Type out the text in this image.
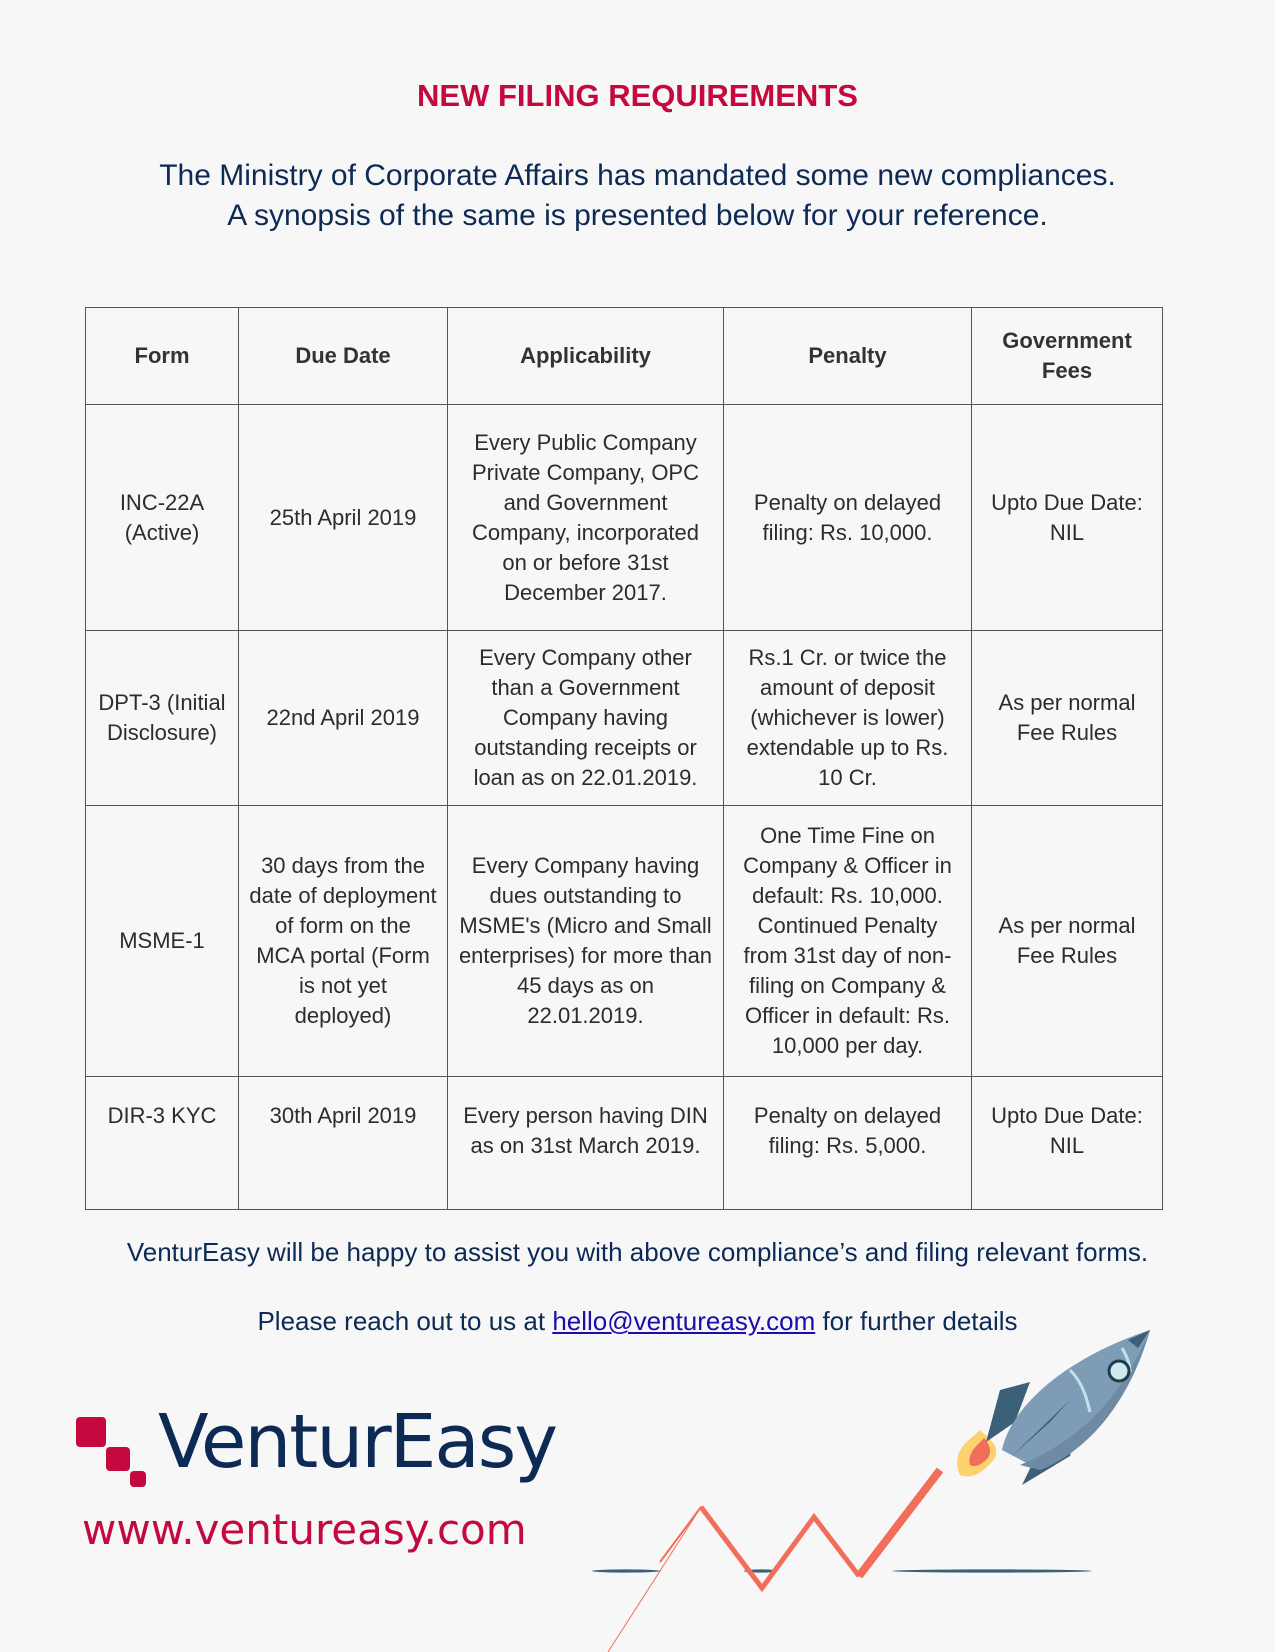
NEW FILING REQUIREMENTS
The Ministry of Corporate Affairs has mandated some new compliances.
A synopsis of the same is presented below for your reference.
Form	Due Date	Applicability	Penalty	Government Fees
INC-22A (Active)	25th April 2019	Every Public Company Private Company, OPC and Government Company, incorporated on or before 31st December 2017.	Penalty on delayed filing: Rs. 10,000.	Upto Due Date: NIL
DPT-3 (Initial Disclosure)	22nd April 2019	Every Company other than a Government Company having outstanding receipts or loan as on 22.01.2019.	Rs.1 Cr. or twice the amount of deposit (whichever is lower) extendable up to Rs. 10 Cr.	As per normal Fee Rules
MSME-1	30 days from the date of deployment of form on the MCA portal (Form is not yet deployed)	Every Company having dues outstanding to MSME's (Micro and Small enterprises) for more than 45 days as on 22.01.2019.	One Time Fine on Company & Officer in default: Rs. 10,000. Continued Penalty from 31st day of non-filing on Company & Officer in default: Rs. 10,000 per day.	As per normal Fee Rules
DIR-3 KYC	30th April 2019	Every person having DIN as on 31st March 2019.	Penalty on delayed filing: Rs. 5,000.	Upto Due Date: NIL
VenturEasy will be happy to assist you with above compliance’s and filing relevant forms.
Please reach out to us at hello@ventureasy.com for further details
VenturEasy
www.ventureasy.com
